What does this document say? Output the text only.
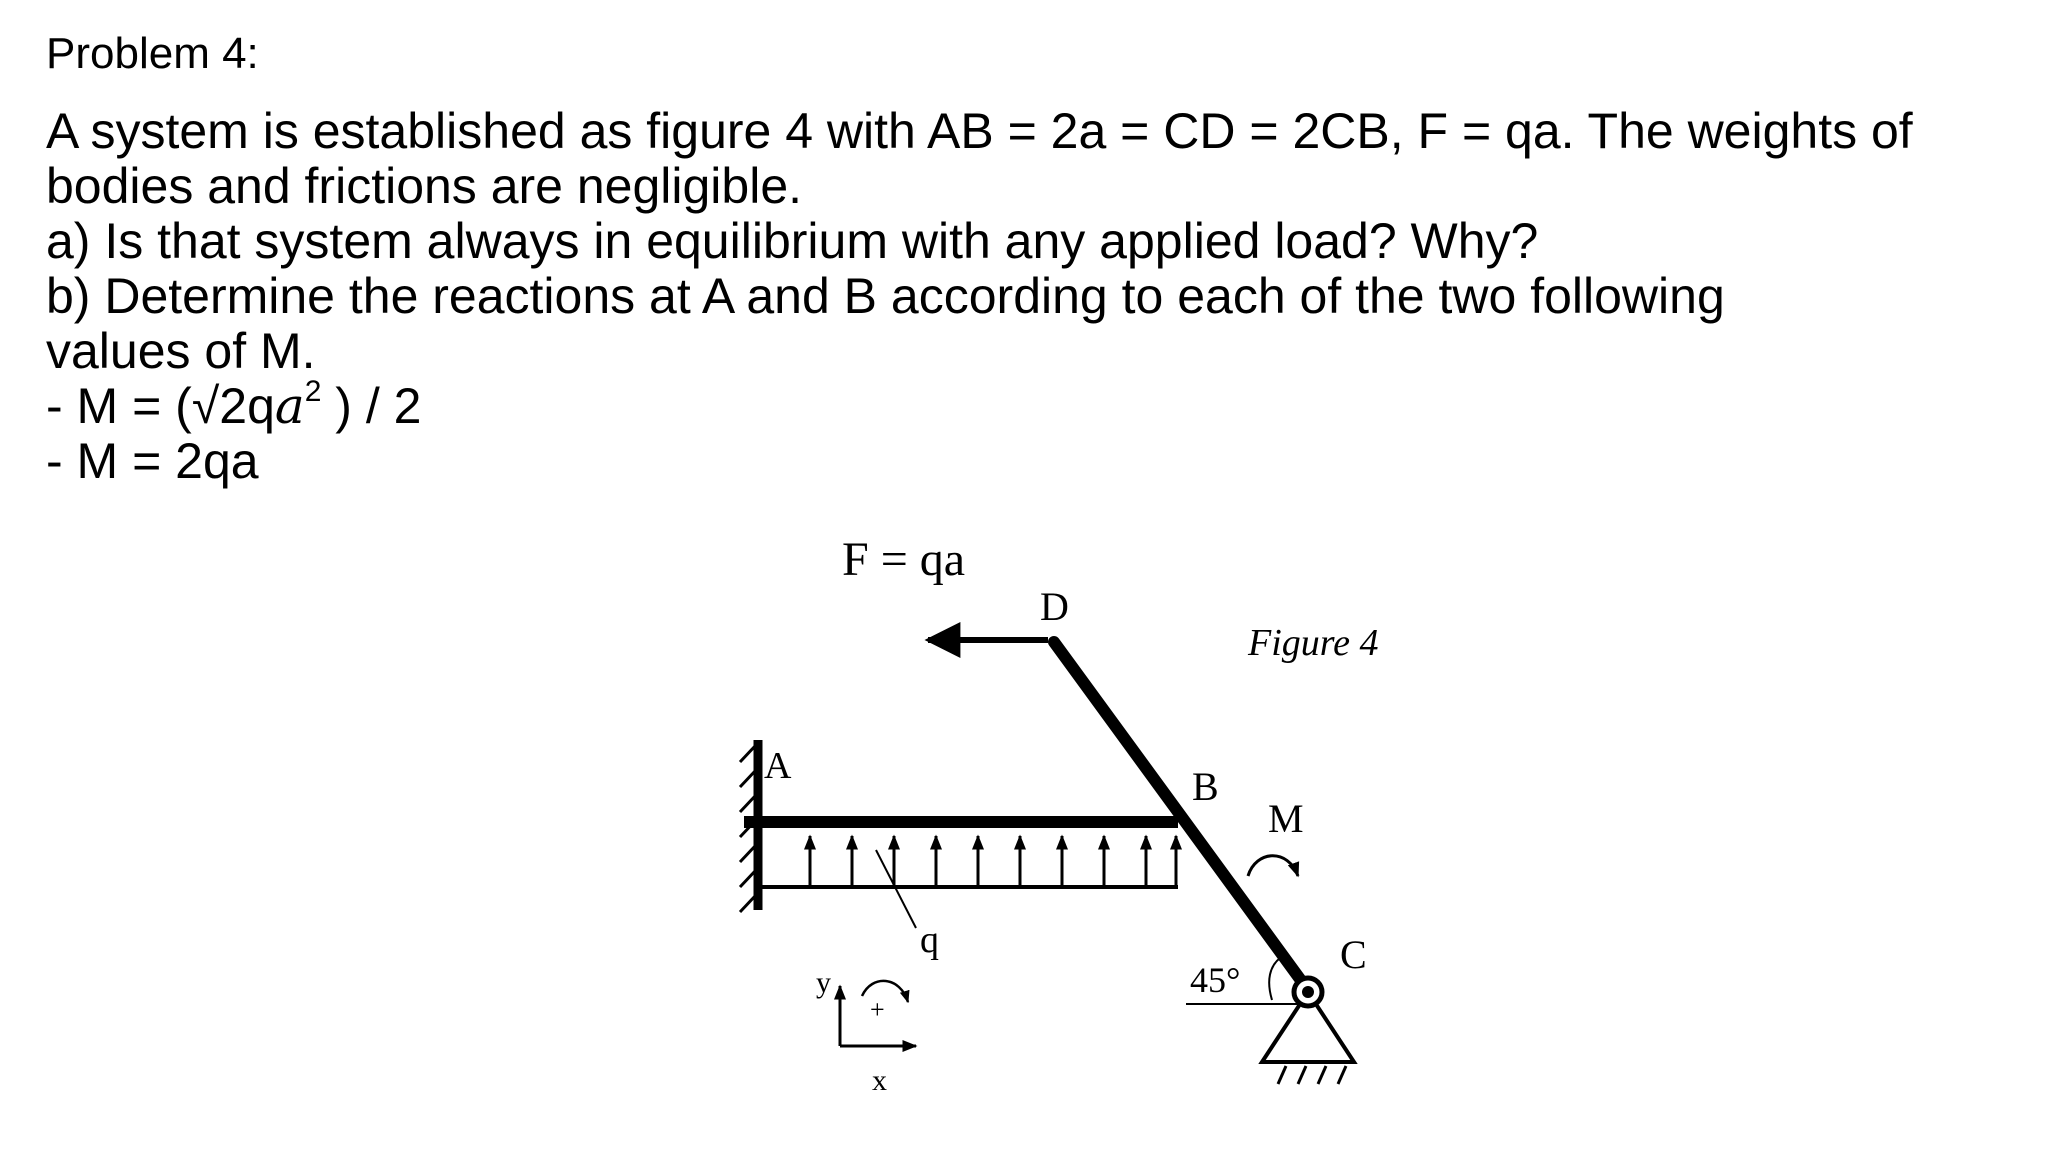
Problem 4:
A system is established as figure 4 with AB = 2a = CD = 2CB, F = qa. The weights of
bodies and frictions are negligible.
a) Is that system always in equilibrium with any applied load? Why?
b) Determine the reactions at A and B according to each of the two following
values of M.
- $M = (√2qa^2$ ) / 2
- M = 2qa
F = qa
D
Figure 4
A
q
B
M
45°
C
y
x
+
